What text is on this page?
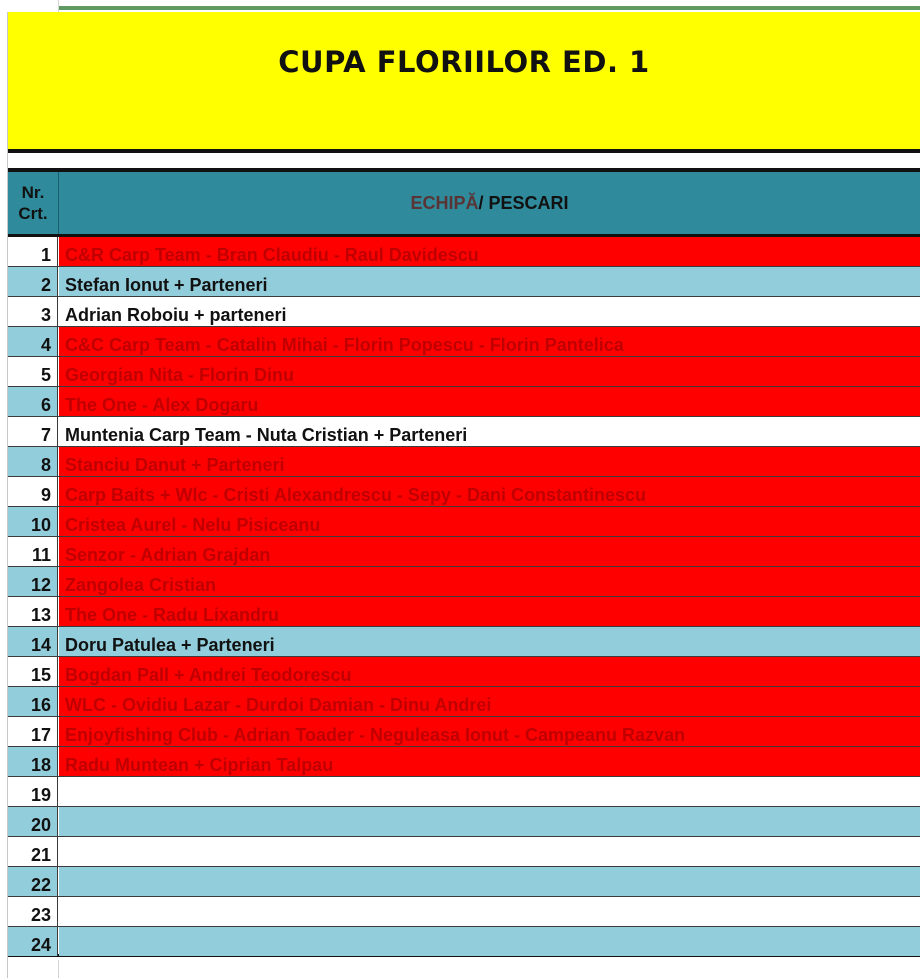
CUPA FLORIILOR ED. 1
Nr.
Crt.
ECHIPĂ / PESCARI
1 C&R Carp Team - Bran Claudiu - Raul Davidescu
2 Stefan Ionut + Parteneri
3 Adrian Roboiu + parteneri
4 C&C Carp Team - Catalin Mihai - Florin Popescu - Florin Pantelica
5 Georgian Nita - Florin Dinu
6 The One - Alex Dogaru
7 Muntenia Carp Team - Nuta Cristian + Parteneri
8 Stanciu Danut + Parteneri
9 Carp Baits + Wlc - Cristi Alexandrescu - Sepy - Dani Constantinescu
10 Cristea Aurel - Nelu Pisiceanu
11 Senzor - Adrian Grajdan
12 Zangolea Cristian
13 The One - Radu Lixandru
14 Doru Patulea + Parteneri
15 Bogdan Pall + Andrei Teodorescu
16 WLC - Ovidiu Lazar - Durdoi Damian - Dinu Andrei
17 Enjoyfishing Club - Adrian Toader - Neguleasa Ionut - Campeanu Razvan
18 Radu Muntean + Ciprian Talpau
19
20
21
22
23
24
